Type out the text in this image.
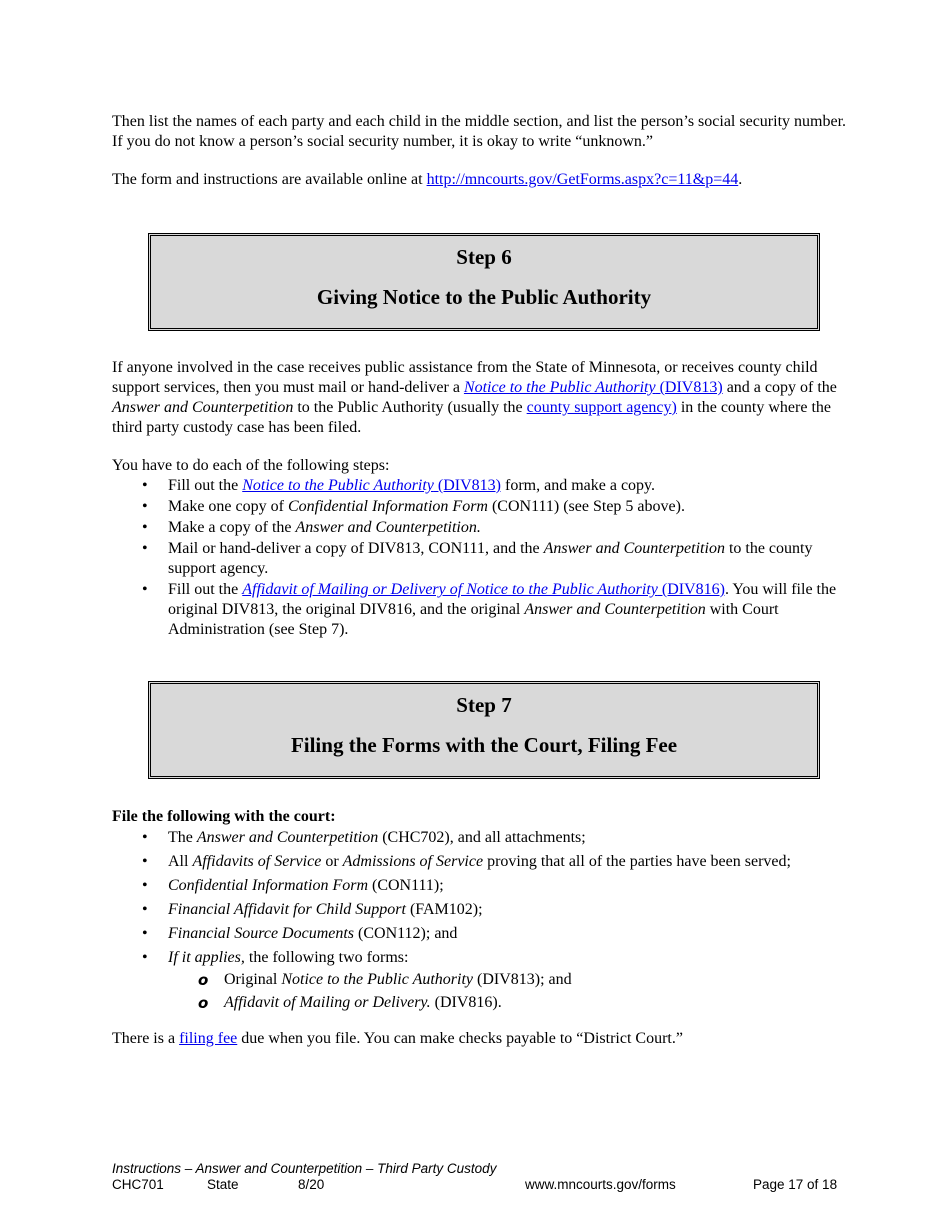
Then list the names of each party and each child in the middle section, and list the person’s social security number. If you do not know a person’s social security number, it is okay to write “unknown.”

The form and instructions are available online at http://mncourts.gov/GetForms.aspx?c=11&p=44.

Step 6
Giving Notice to the Public Authority

If anyone involved in the case receives public assistance from the State of Minnesota, or receives county child support services, then you must mail or hand-deliver a Notice to the Public Authority (DIV813) and a copy of the Answer and Counterpetition to the Public Authority (usually the county support agency) in the county where the third party custody case has been filed.

You have to do each of the following steps:

• Fill out the Notice to the Public Authority (DIV813) form, and make a copy.
• Make one copy of Confidential Information Form (CON111) (see Step 5 above).
• Make a copy of the Answer and Counterpetition.
• Mail or hand-deliver a copy of DIV813, CON111, and the Answer and Counterpetition to the county support agency.
• Fill out the Affidavit of Mailing or Delivery of Notice to the Public Authority (DIV816). You will file the original DIV813, the original DIV816, and the original Answer and Counterpetition with Court Administration (see Step 7).
Step 7
Filing the Forms with the Court, Filing Fee

File the following with the court:

• The Answer and Counterpetition (CHC702), and all attachments;
• All Affidavits of Service or Admissions of Service proving that all of the parties have been served;
• Confidential Information Form (CON111);
• Financial Affidavit for Child Support (FAM102);
• Financial Source Documents (CON112); and
• If it applies, the following two forms:
o Original Notice to the Public Authority (DIV813); and
o Affidavit of Mailing or Delivery. (DIV816).

There is a filing fee due when you file. You can make checks payable to “District Court.”

Instructions – Answer and Counterpetition – Third Party Custody
CHC701	State	8/20	www.mncourts.gov/forms	Page 17 of 18
